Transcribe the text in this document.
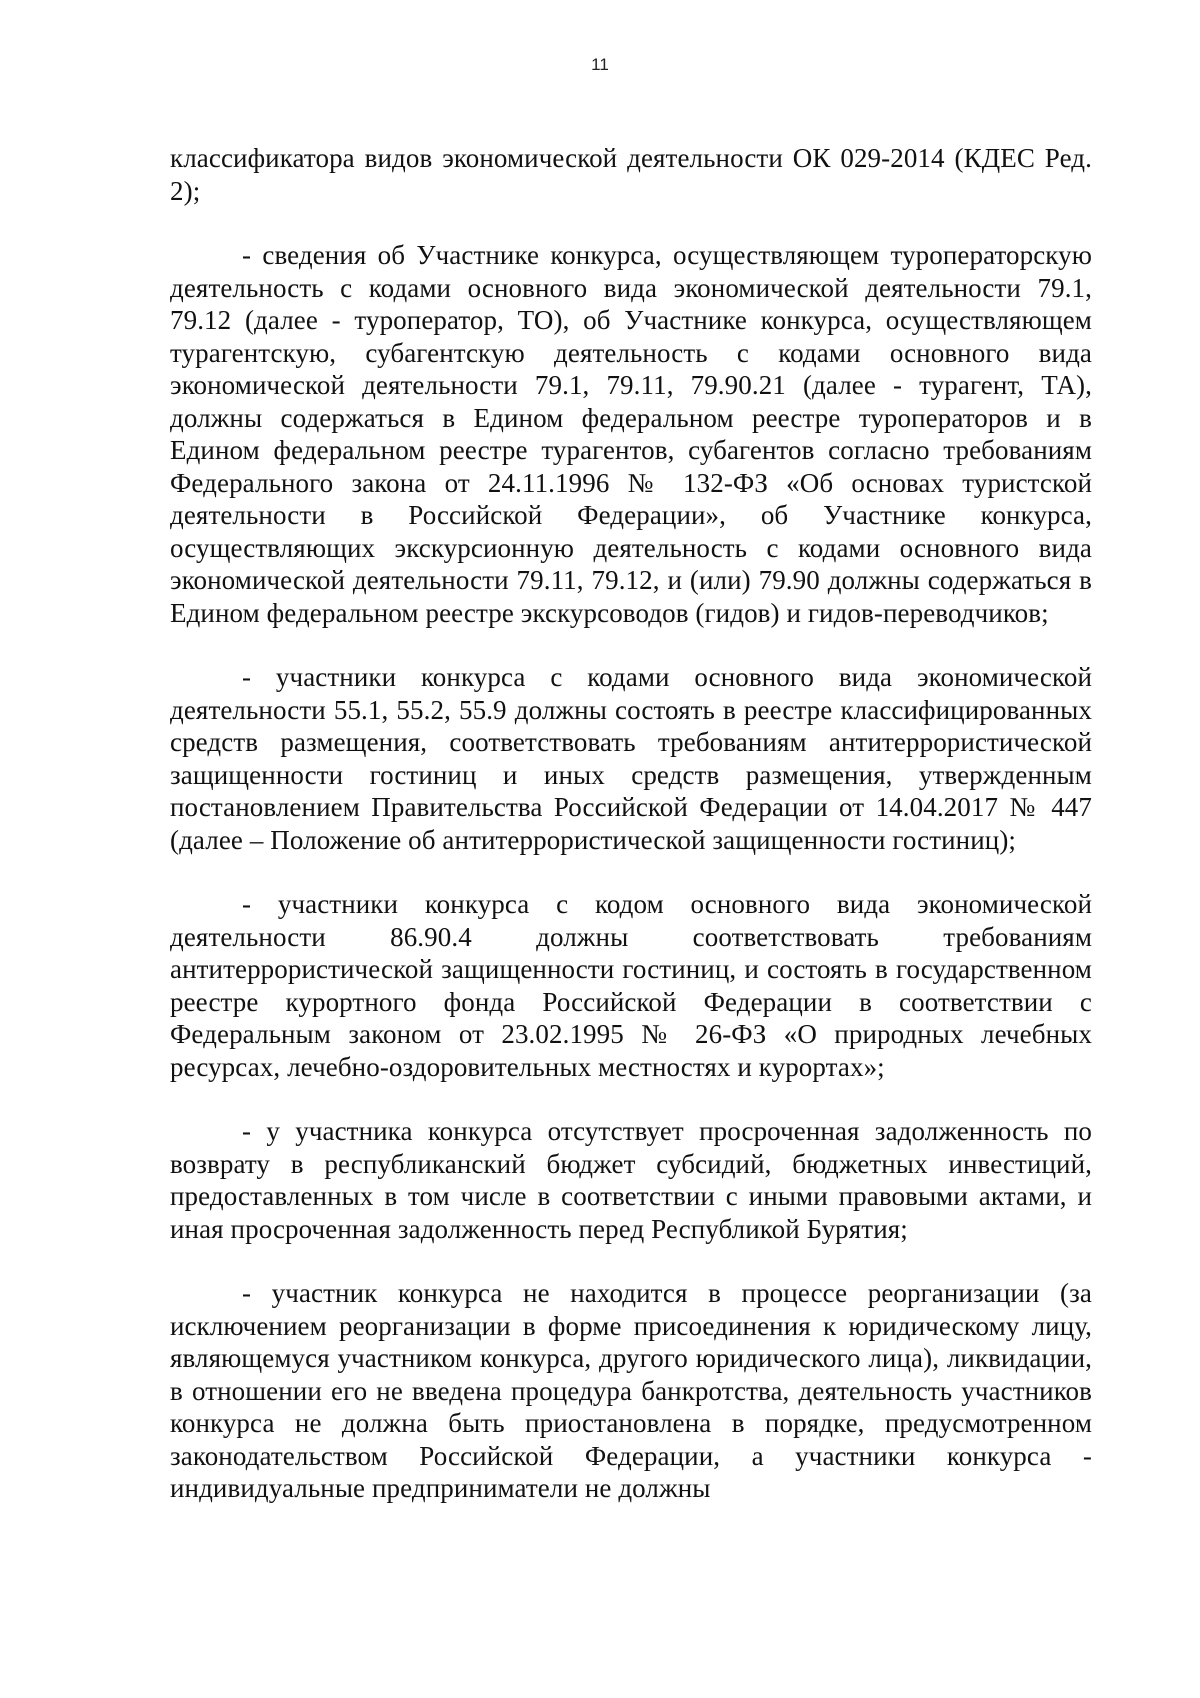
11

классификатора видов экономической деятельности ОК 029-2014 (КДЕС Ред. 2);

- сведения об Участнике конкурса, осуществляющем туроператорскую деятельность с кодами основного вида экономической деятельности 79.1, 79.12 (далее - туроператор, ТО), об Участнике конкурса, осуществляющем турагентскую, субагентскую деятельность с кодами основного вида экономической деятельности 79.1, 79.11, 79.90.21 (далее - турагент, ТА), должны содержаться в Едином федеральном реестре туроператоров и в Едином федеральном реестре турагентов, субагентов согласно требованиям Федерального закона от 24.11.1996 № 132-ФЗ «Об основах туристской деятельности в Российской Федерации», об Участнике конкурса, осуществляющих экскурсионную деятельность с кодами основного вида экономической деятельности 79.11, 79.12, и (или) 79.90 должны содержаться в Едином федеральном реестре экскурсоводов (гидов) и гидов-переводчиков;

- участники конкурса с кодами основного вида экономической деятельности 55.1, 55.2, 55.9 должны состоять в реестре классифицированных средств размещения, соответствовать требованиям антитеррористической защищенности гостиниц и иных средств размещения, утвержденным постановлением Правительства Российской Федерации от 14.04.2017 № 447 (далее – Положение об антитеррористической защищенности гостиниц);

- участники конкурса с кодом основного вида экономической деятельности 86.90.4 должны соответствовать требованиям антитеррористической защищенности гостиниц, и состоять в государственном реестре курортного фонда Российской Федерации в соответствии с Федеральным законом от 23.02.1995 № 26-ФЗ «О природных лечебных ресурсах, лечебно-оздоровительных местностях и курортах»;

- у участника конкурса отсутствует просроченная задолженность по возврату в республиканский бюджет субсидий, бюджетных инвестиций, предоставленных в том числе в соответствии с иными правовыми актами, и иная просроченная задолженность перед Республикой Бурятия;

- участник конкурса не находится в процессе реорганизации (за исключением реорганизации в форме присоединения к юридическому лицу, являющемуся участником конкурса, другого юридического лица), ликвидации, в отношении его не введена процедура банкротства, деятельность участников конкурса не должна быть приостановлена в порядке, предусмотренном законодательством Российской Федерации, а участники конкурса - индивидуальные предприниматели не должны
